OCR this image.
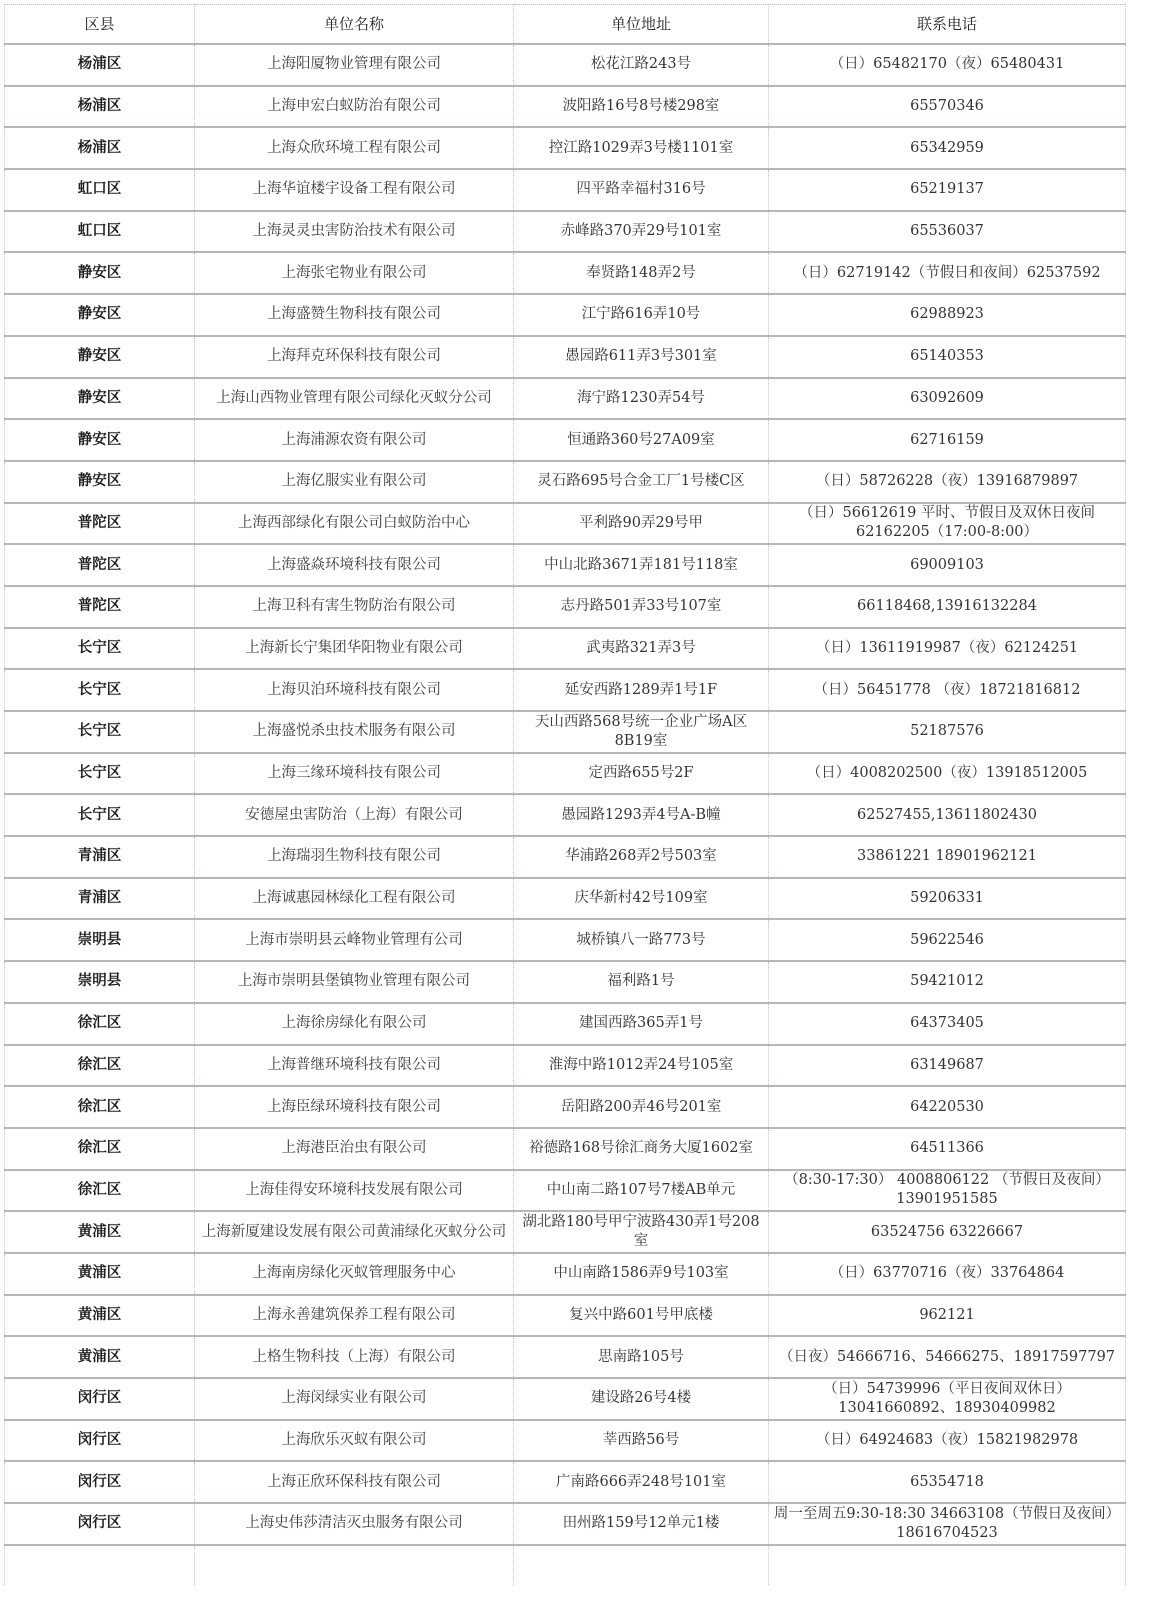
区县	单位名称	单位地址	联系电话
杨浦区	上海阳厦物业管理有限公司	松花江路243号	（日）65482170（夜）65480431
杨浦区	上海申宏白蚁防治有限公司	波阳路16号8号楼298室	65570346
杨浦区	上海众欣环境工程有限公司	控江路1029弄3号楼1101室	65342959
虹口区	上海华谊楼宇设备工程有限公司	四平路幸福村316号	65219137
虹口区	上海灵灵虫害防治技术有限公司	赤峰路370弄29号101室	65536037
静安区	上海张宅物业有限公司	奉贤路148弄2号	（日）62719142（节假日和夜间）62537592
静安区	上海盛赞生物科技有限公司	江宁路616弄10号	62988923
静安区	上海拜克环保科技有限公司	愚园路611弄3号301室	65140353
静安区	上海山西物业管理有限公司绿化灭蚁分公司	海宁路1230弄54号	63092609
静安区	上海浦源农资有限公司	恒通路360号27A09室	62716159
静安区	上海亿服实业有限公司	灵石路695号合金工厂1号楼C区	（日）58726228（夜）13916879897
普陀区	上海西部绿化有限公司白蚁防治中心	平利路90弄29号甲	（日）56612619 平时、节假日及双休日夜间 62162205（17:00-8:00）
普陀区	上海盛焱环境科技有限公司	中山北路3671弄181号118室	69009103
普陀区	上海卫科有害生物防治有限公司	志丹路501弄33号107室	66118468,13916132284
长宁区	上海新长宁集团华阳物业有限公司	武夷路321弄3号	（日）13611919987（夜）62124251
长宁区	上海贝泊环境科技有限公司	延安西路1289弄1号1F	（日）56451778 （夜）18721816812
长宁区	上海盛悦杀虫技术服务有限公司	天山西路568号统一企业广场A区8B19室	52187576
长宁区	上海三缘环境科技有限公司	定西路655号2F	（日）4008202500（夜）13918512005
长宁区	安德屋虫害防治（上海）有限公司	愚园路1293弄4号A-B幢	62527455,13611802430
青浦区	上海瑞羽生物科技有限公司	华浦路268弄2号503室	33861221 18901962121
青浦区	上海诚惠园林绿化工程有限公司	庆华新村42号109室	59206331
崇明县	上海市崇明县云峰物业管理有公司	城桥镇八一路773号	59622546
崇明县	上海市崇明县堡镇物业管理有限公司	福利路1号	59421012
徐汇区	上海徐房绿化有限公司	建国西路365弄1号	64373405
徐汇区	上海普继环境科技有限公司	淮海中路1012弄24号105室	63149687
徐汇区	上海臣绿环境科技有限公司	岳阳路200弄46号201室	64220530
徐汇区	上海港臣治虫有限公司	裕德路168号徐汇商务大厦1602室	64511366
徐汇区	上海佳得安环境科技发展有限公司	中山南二路107号7楼AB单元	（8:30-17:30） 4008806122 （节假日及夜间） 13901951585
黄浦区	上海新厦建设发展有限公司黄浦绿化灭蚁分公司	湖北路180号甲宁波路430弄1号208室	63524756 63226667
黄浦区	上海南房绿化灭蚁管理服务中心	中山南路1586弄9号103室	（日）63770716（夜）33764864
黄浦区	上海永善建筑保养工程有限公司	复兴中路601号甲底楼	962121
黄浦区	上格生物科技（上海）有限公司	思南路105号	（日夜）54666716、54666275、18917597797
闵行区	上海闵绿实业有限公司	建设路26号4楼	（日）54739996（平日夜间双休日） 13041660892、18930409982
闵行区	上海欣乐灭蚁有限公司	莘西路56号	（日）64924683（夜）15821982978
闵行区	上海正欣环保科技有限公司	广南路666弄248号101室	65354718
闵行区	上海史伟莎清洁灭虫服务有限公司	田州路159号12单元1楼	周一至周五9:30-18:30 34663108（节假日及夜间）18616704523
